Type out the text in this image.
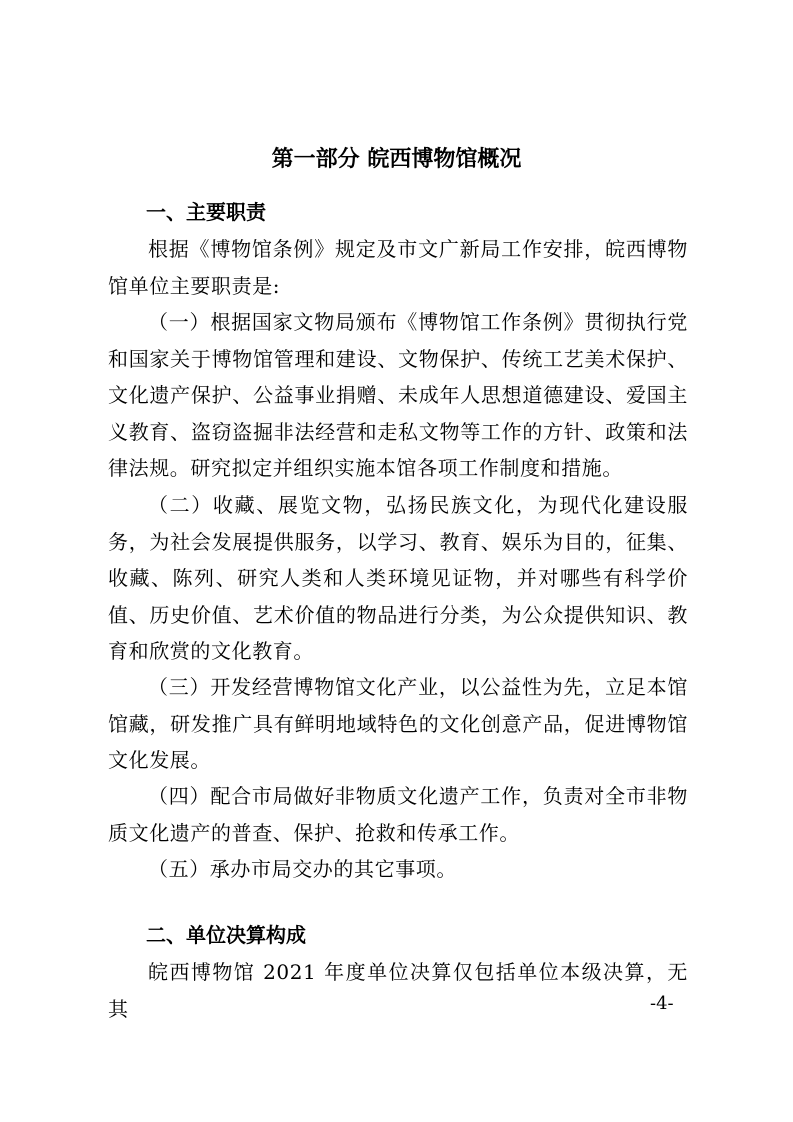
第一部分 皖西博物馆概况
一、主要职责
根据《博物馆条例》规定及市文广新局工作安排，皖西博物馆单位主要职责是:
（一）根据国家文物局颁布《博物馆工作条例》贯彻执行党和国家关于博物馆管理和建设、文物保护、传统工艺美术保护、文化遗产保护、公益事业捐赠、未成年人思想道德建设、爱国主义教育、盗窃盗掘非法经营和走私文物等工作的方针、政策和法律法规。研究拟定并组织实施本馆各项工作制度和措施。
（二）收藏、展览文物，弘扬民族文化，为现代化建设服务，为社会发展提供服务，以学习、教育、娱乐为目的，征集、收藏、陈列、研究人类和人类环境见证物，并对哪些有科学价值、历史价值、艺术价值的物品进行分类，为公众提供知识、教育和欣赏的文化教育。
（三）开发经营博物馆文化产业，以公益性为先，立足本馆馆藏，研发推广具有鲜明地域特色的文化创意产品，促进博物馆文化发展。
（四）配合市局做好非物质文化遗产工作，负责对全市非物质文化遗产的普查、保护、抢救和传承工作。
（五）承办市局交办的其它事项。
二、单位决算构成
皖西博物馆 2021 年度单位决算仅包括单位本级决算，无其	-4-
